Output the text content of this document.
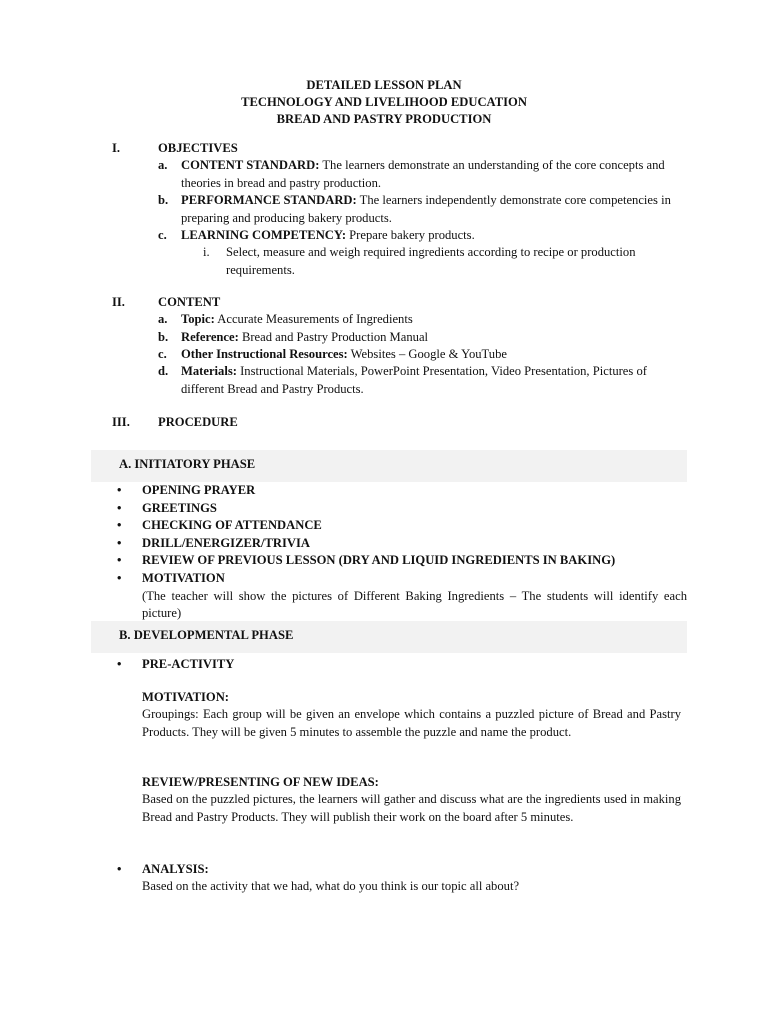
DETAILED LESSON PLAN
TECHNOLOGY AND LIVELIHOOD EDUCATION
BREAD AND PASTRY PRODUCTION
I.	OBJECTIVES
a. CONTENT STANDARD: The learners demonstrate an understanding of the core concepts and theories in bread and pastry production.
b. PERFORMANCE STANDARD: The learners independently demonstrate core competencies in preparing and producing bakery products.
c. LEARNING COMPETENCY: Prepare bakery products.
i. Select, measure and weigh required ingredients according to recipe or production requirements.
II.	CONTENT
a. Topic: Accurate Measurements of Ingredients
b. Reference: Bread and Pastry Production Manual
c. Other Instructional Resources: Websites – Google & YouTube
d. Materials: Instructional Materials, PowerPoint Presentation, Video Presentation, Pictures of different Bread and Pastry Products.
III. PROCEDURE
A. INITIATORY PHASE
• OPENING PRAYER
• GREETINGS
• CHECKING OF ATTENDANCE
• DRILL/ENERGIZER/TRIVIA
• REVIEW OF PREVIOUS LESSON (DRY AND LIQUID INGREDIENTS IN BAKING)
• MOTIVATION
(The teacher will show the pictures of Different Baking Ingredients – The students will identify each picture)
B. DEVELOPMENTAL PHASE
• PRE-ACTIVITY
MOTIVATION:
Groupings: Each group will be given an envelope which contains a puzzled picture of Bread and Pastry Products. They will be given 5 minutes to assemble the puzzle and name the product.
REVIEW/PRESENTING OF NEW IDEAS:
Based on the puzzled pictures, the learners will gather and discuss what are the ingredients used in making Bread and Pastry Products. They will publish their work on the board after 5 minutes.
• ANALYSIS:
Based on the activity that we had, what do you think is our topic all about?
